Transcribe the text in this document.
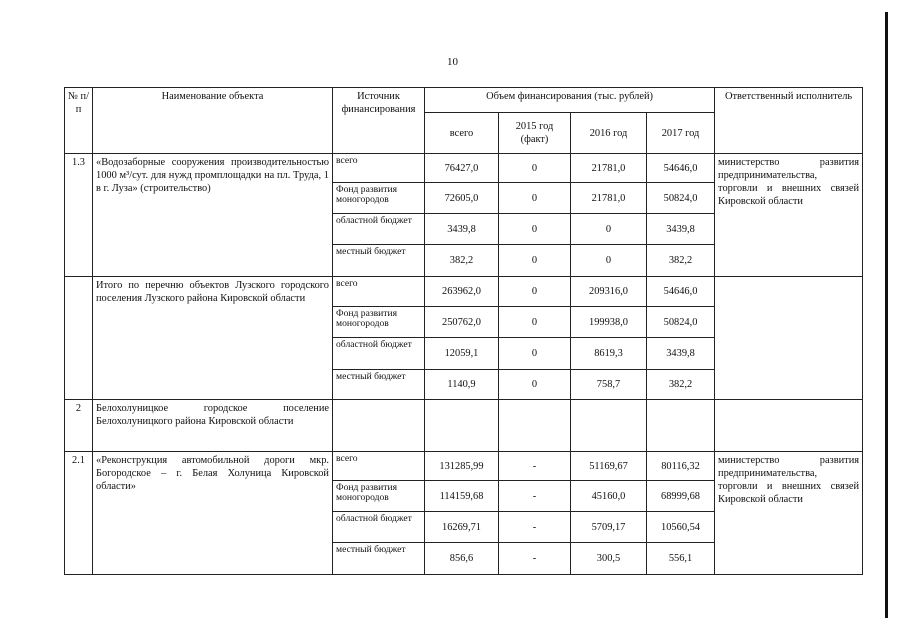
10
№ п/п	Наименование объекта	Источник финансирования	Объем финансирования (тыс. рублей)				Ответственный исполнитель
			всего	2015 год (факт)	2016 год	2017 год	
1.3	«Водозаборные сооружения производительностью 1000 м³/сут. для нужд промплощадки на пл. Труда, 1 в г. Луза» (строительство)	всего	76427,0	0	21781,0	54646,0	министерство развития предпринимательства, торговли и внешних связей Кировской области
		Фонд развития моногородов	72605,0	0	21781,0	50824,0	
		областной бюджет	3439,8	0	0	3439,8	
		местный бюджет	382,2	0	0	382,2	
	Итого по перечню объектов Лузского городского поселения Лузского района Кировской области	всего	263962,0	0	209316,0	54646,0	
		Фонд развития моногородов	250762,0	0	199938,0	50824,0	
		областной бюджет	12059,1	0	8619,3	3439,8	
		местный бюджет	1140,9	0	758,7	382,2	
2	Белохолуницкое городское поселение Белохолуницкого района Кировской области						
2.1	«Реконструкция автомобильной дороги мкр. Богородское – г. Белая Холуница Кировской области»	всего	131285,99	-	51169,67	80116,32	министерство развития предпринимательства, торговли и внешних связей Кировской области
		Фонд развития моногородов	114159,68	-	45160,0	68999,68	
		областной бюджет	16269,71	-	5709,17	10560,54	
		местный бюджет	856,6	-	300,5	556,1	
